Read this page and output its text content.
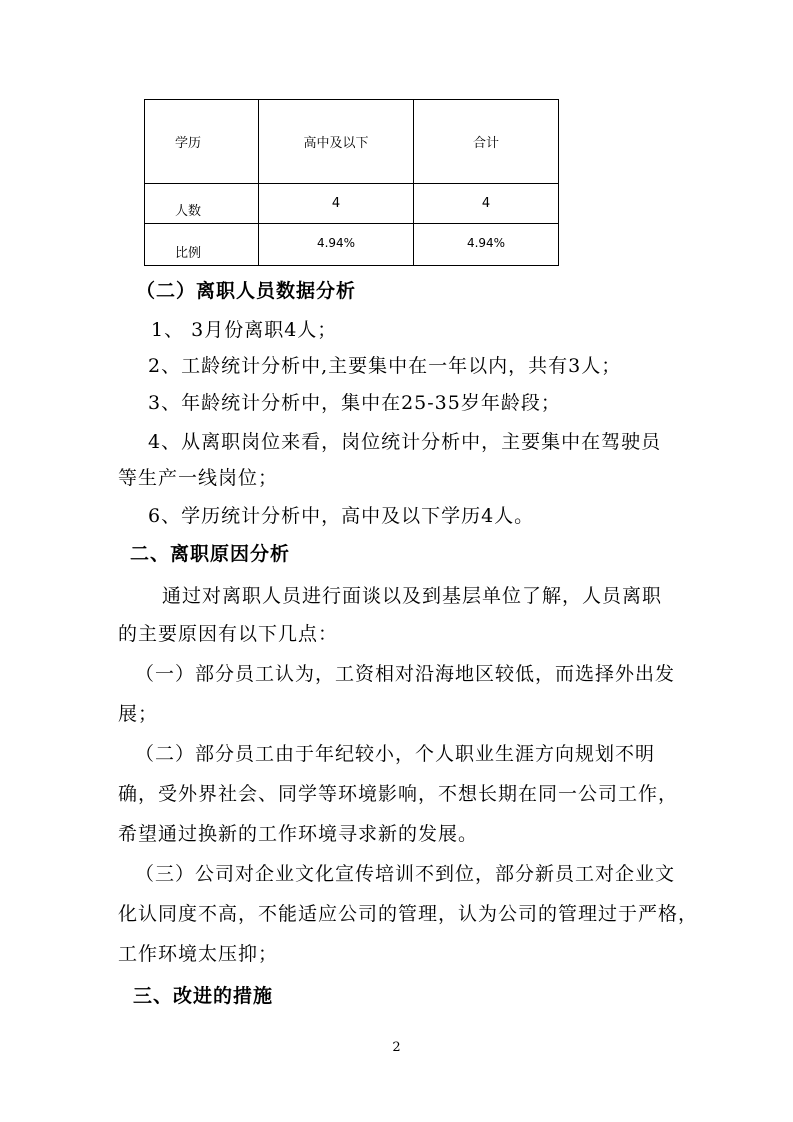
学历	高中及以下	合计
人数	4	4
比例	4.94%	4.94%
（二）离职人员数据分析
1、 3月份离职4人；
2、工龄统计分析中,主要集中在一年以内，共有3人；
3、年龄统计分析中，集中在25-35岁年龄段；
4、从离职岗位来看，岗位统计分析中，主要集中在驾驶员
等生产一线岗位；
6、学历统计分析中，高中及以下学历4人。
二、离职原因分析
通过对离职人员进行面谈以及到基层单位了解，人员离职
的主要原因有以下几点：
（一）部分员工认为，工资相对沿海地区较低，而选择外出发
展；
（二）部分员工由于年纪较小，个人职业生涯方向规划不明
确，受外界社会、同学等环境影响，不想长期在同一公司工作，
希望通过换新的工作环境寻求新的发展。
（三）公司对企业文化宣传培训不到位，部分新员工对企业文
化认同度不高，不能适应公司的管理，认为公司的管理过于严格，
工作环境太压抑；
三、改进的措施
2
